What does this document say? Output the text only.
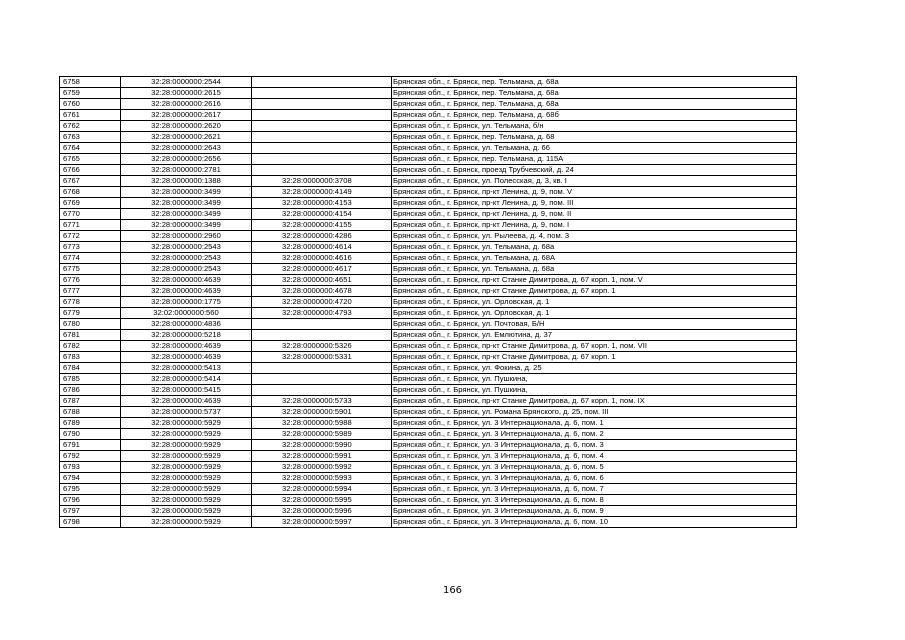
6758	32:28:0000000:2544		Брянская обл., г. Брянск, пер. Тельмана, д. 68а
6759	32:28:0000000:2615		Брянская обл., г. Брянск, пер. Тельмана, д. 68а
6760	32:28:0000000:2616		Брянская обл., г. Брянск, пер. Тельмана, д. 68а
6761	32:28:0000000:2617		Брянская обл., г. Брянск, пер. Тельмана, д. 68б
6762	32:28:0000000:2620		Брянская обл., г. Брянск, ул. Тельмана, б/н
6763	32:28:0000000:2621		Брянская обл., г. Брянск, пер. Тельмана, д. 68
6764	32:28:0000000:2643		Брянская обл., г. Брянск, ул. Тельмана, д. 66
6765	32:28:0000000:2656		Брянская обл., г. Брянск, пер. Тельмана, д. 115А
6766	32:28:0000000:2781		Брянская обл., г. Брянск, проезд Трубчевский, д. 24
6767	32:28:0000000:1388	32:28:0000000:3708	Брянская обл., г. Брянск, ул. Полесская, д. 3, кв. I
6768	32:28:0000000:3499	32:28:0000000:4149	Брянская обл., г. Брянск, пр-кт Ленина, д. 9, пом. V
6769	32:28:0000000:3499	32:28:0000000:4153	Брянская обл., г. Брянск, пр-кт Ленина, д. 9, пом. III
6770	32:28:0000000:3499	32:28:0000000:4154	Брянская обл., г. Брянск, пр-кт Ленина, д. 9, пом. II
6771	32:28:0000000:3499	32:28:0000000:4155	Брянская обл., г. Брянск, пр-кт Ленина, д. 9, пом. I
6772	32:28:0000000:2960	32:28:0000000:4286	Брянская обл., г. Брянск, ул. Рылеева, д. 4, пом. 3
6773	32:28:0000000:2543	32:28:0000000:4614	Брянская обл., г. Брянск, ул. Тельмана, д. 68а
6774	32:28:0000000:2543	32:28:0000000:4616	Брянская обл., г. Брянск, ул. Тельмана, д. 68А
6775	32:28:0000000:2543	32:28:0000000:4617	Брянская обл., г. Брянск, ул. Тельмана, д. 68а
6776	32:28:0000000:4639	32:28:0000000:4651	Брянская обл., г. Брянск, пр-кт Станке Димитрова, д. 67 корп. 1, пом. V
6777	32:28:0000000:4639	32:28:0000000:4678	Брянская обл., г. Брянск, пр-кт Станке Димитрова, д. 67 корп. 1
6778	32:28:0000000:1775	32:28:0000000:4720	Брянская обл., г. Брянск, ул. Орловская, д. 1
6779	32:02:0000000:560	32:28:0000000:4793	Брянская обл., г. Брянск, ул. Орловская, д. 1
6780	32:28:0000000:4836		Брянская обл., г. Брянск, ул. Почтовая, Б/Н
6781	32:28:0000000:5218		Брянская обл., г. Брянск, ул. Емлютина, д. 37
6782	32:28:0000000:4639	32:28:0000000:5326	Брянская обл., г. Брянск, пр-кт Станке Димитрова, д. 67 корп. 1, пом. VII
6783	32:28:0000000:4639	32:28:0000000:5331	Брянская обл., г. Брянск, пр-кт Станке Димитрова, д. 67 корп. 1
6784	32:28:0000000:5413		Брянская обл., г. Брянск, ул. Фокина, д. 25
6785	32:28:0000000:5414		Брянская обл., г. Брянск, ул. Пушкина,
6786	32:28:0000000:5415		Брянская обл., г. Брянск, ул. Пушкина,
6787	32:28:0000000:4639	32:28:0000000:5733	Брянская обл., г. Брянск, пр-кт Станке Димитрова, д. 67 корп. 1, пом. IX
6788	32:28:0000000:5737	32:28:0000000:5901	Брянская обл., г. Брянск, ул. Романа Брянского, д. 25, пом. III
6789	32:28:0000000:5929	32:28:0000000:5988	Брянская обл., г. Брянск, ул. 3 Интернационала, д. 6, пом. 1
6790	32:28:0000000:5929	32:28:0000000:5989	Брянская обл., г. Брянск, ул. 3 Интернационала, д. 6, пом. 2
6791	32:28:0000000:5929	32:28:0000000:5990	Брянская обл., г. Брянск, ул. 3 Интернационала, д. 6, пом. 3
6792	32:28:0000000:5929	32:28:0000000:5991	Брянская обл., г. Брянск, ул. 3 Интернационала, д. 6, пом. 4
6793	32:28:0000000:5929	32:28:0000000:5992	Брянская обл., г. Брянск, ул. 3 Интернационала, д. 6, пом. 5
6794	32:28:0000000:5929	32:28:0000000:5993	Брянская обл., г. Брянск, ул. 3 Интернационала, д. 6, пом. 6
6795	32:28:0000000:5929	32:28:0000000:5994	Брянская обл., г. Брянск, ул. 3 Интернационала, д. 6, пом. 7
6796	32:28:0000000:5929	32:28:0000000:5995	Брянская обл., г. Брянск, ул. 3 Интернационала, д. 6, пом. 8
6797	32:28:0000000:5929	32:28:0000000:5996	Брянская обл., г. Брянск, ул. 3 Интернационала, д. 6, пом. 9
6798	32:28:0000000:5929	32:28:0000000:5997	Брянская обл., г. Брянск, ул. 3 Интернационала, д. 6, пом. 10
166
